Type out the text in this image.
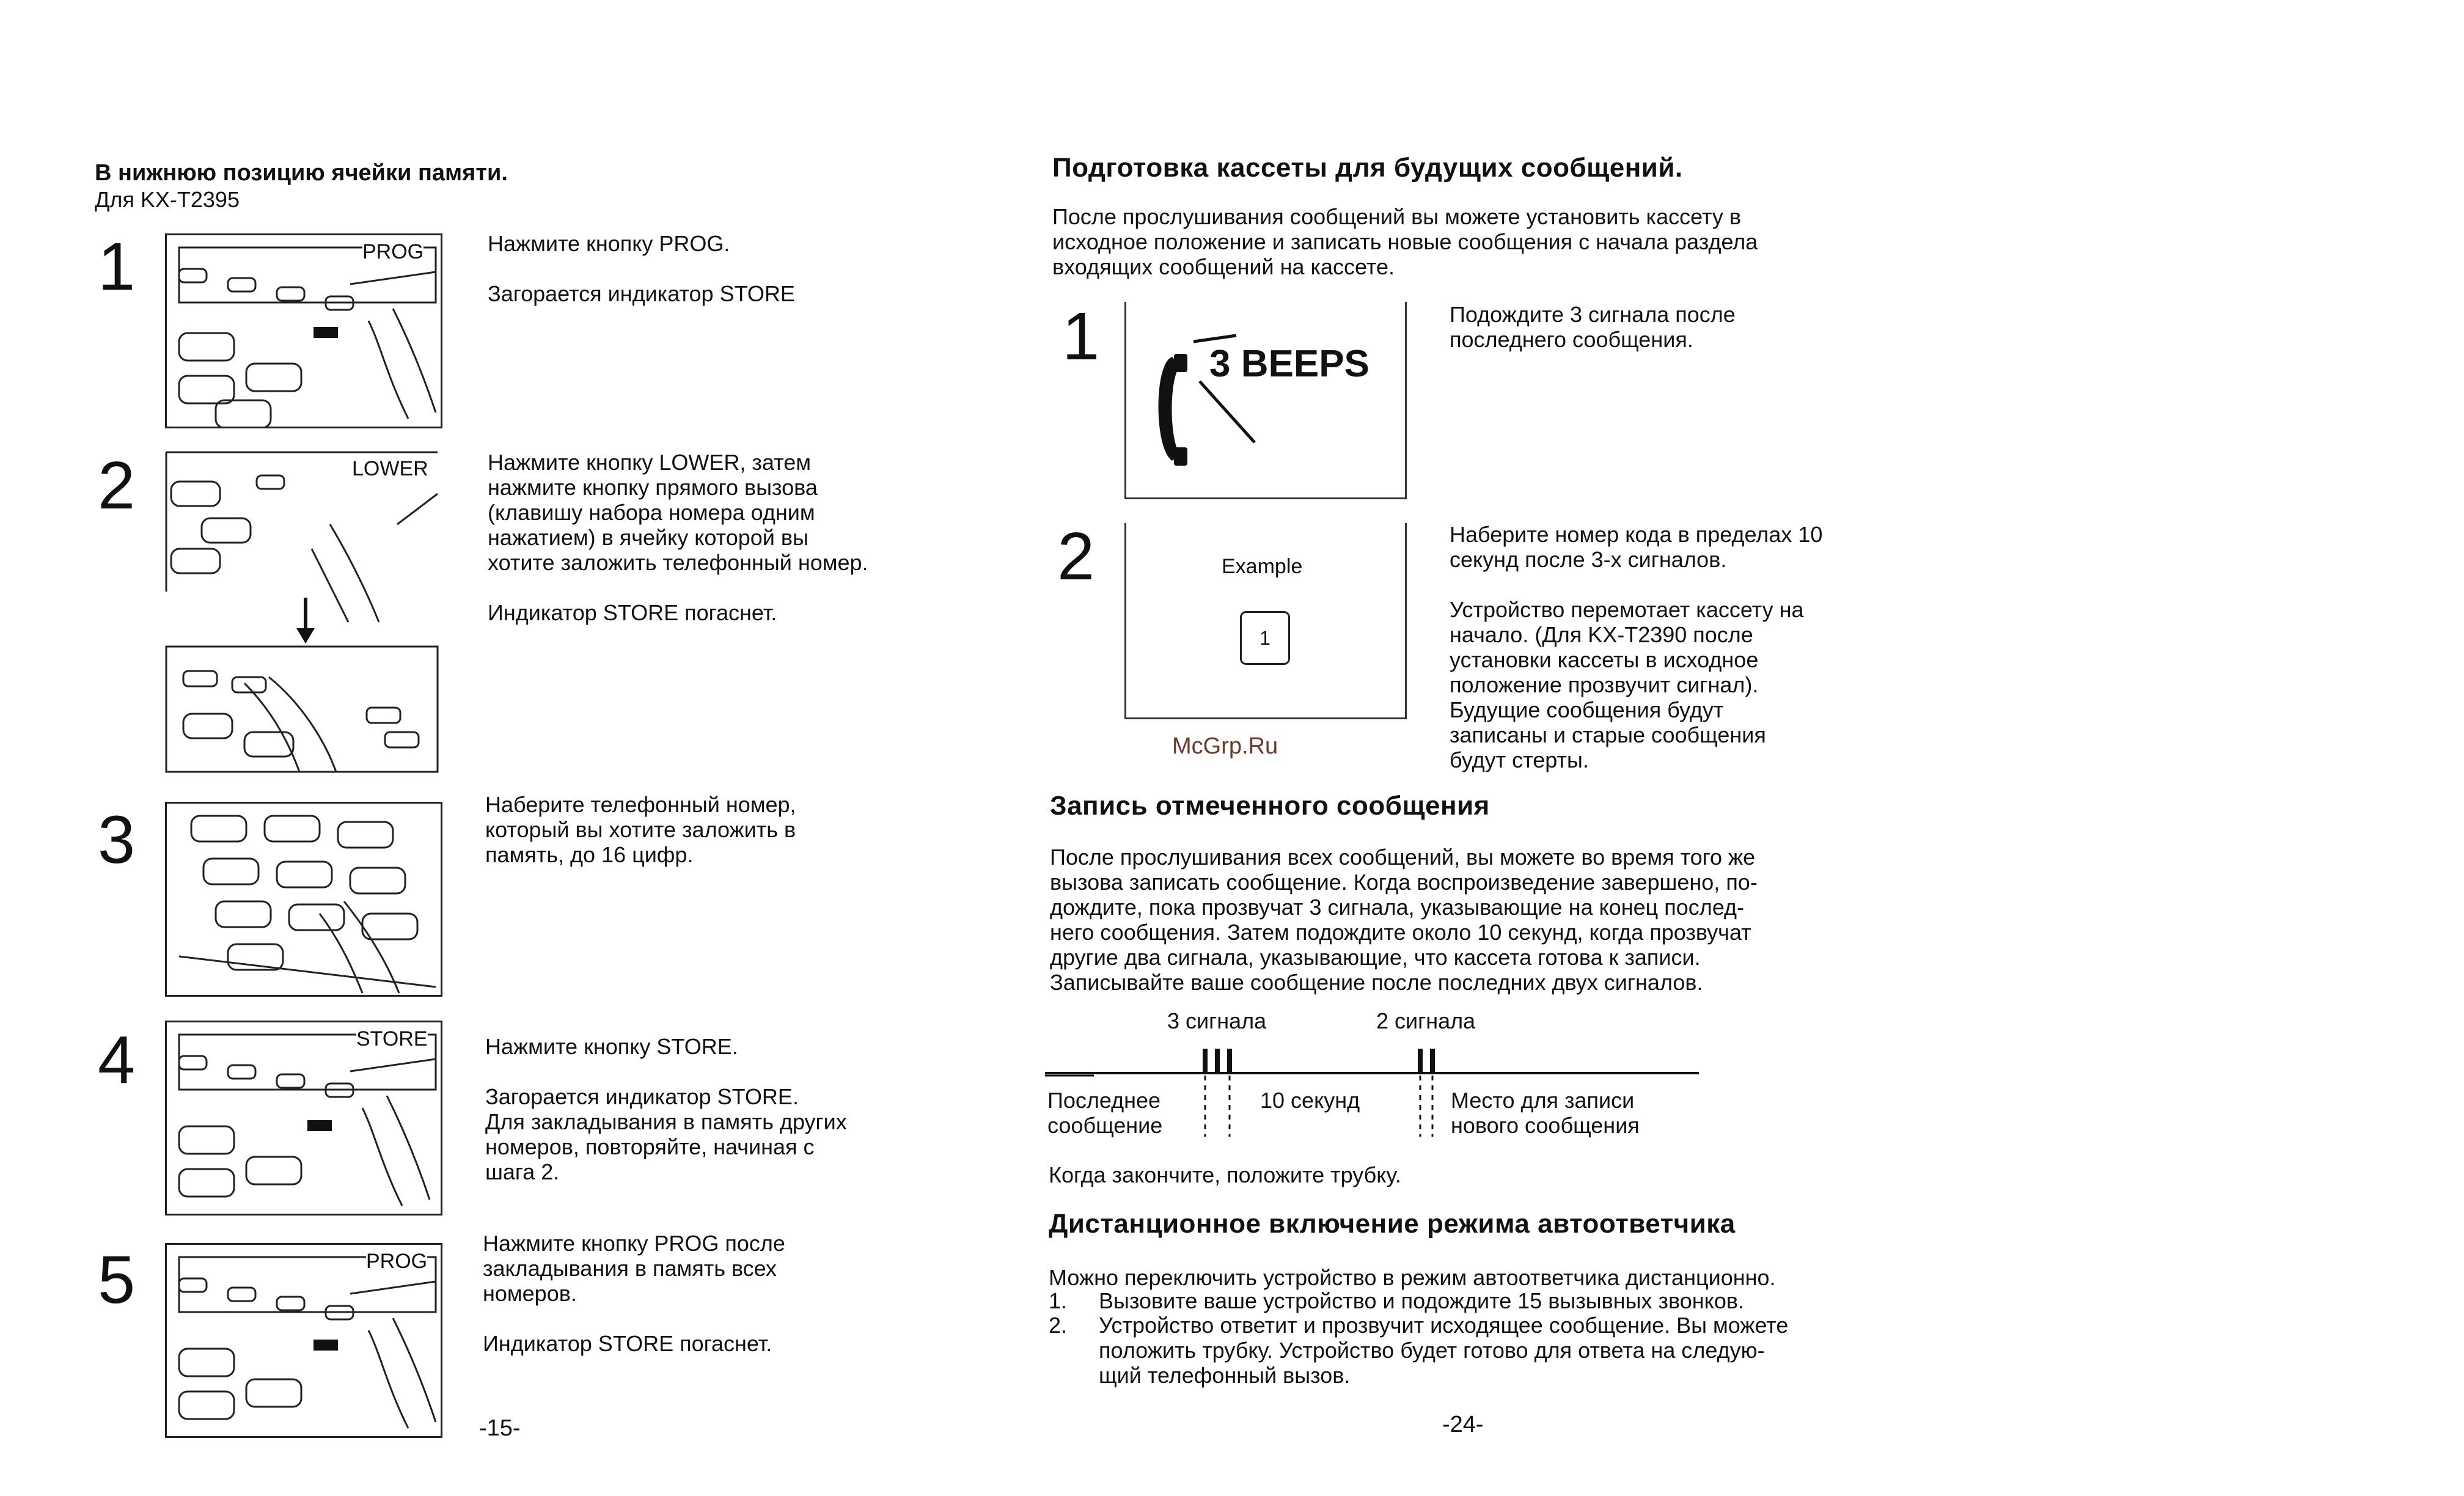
В нижнюю позицию ячейки памяти.
Для KX-T2395
1	PROG	Нажмите кнопку PROG.

Загорается индикатор STORE
2	LOWER	Нажмите кнопку LOWER, затем
нажмите кнопку прямого вызова
(клавишу набора номера одним
нажатием) в ячейку которой вы
хотите заложить телефонный номер.

Индикатор STORE погаснет.
3	Наберите телефонный номер,
который вы хотите заложить в
память, до 16 цифр.
4	STORE	Нажмите кнопку STORE.

Загорается индикатор STORE.
Для закладывания в память других
номеров, повторяйте, начиная с
шага 2.
5	PROG
Нажмите кнопку PROG после
закладывания в память всех
номеров.

Индикатор STORE погаснет.
-15-
Подготовка кассеты для будущих сообщений.
После прослушивания сообщений вы можете установить кассету в
исходное положение и записать новые сообщения с начала раздела
входящих сообщений на кассете.
1	3 BEEPS
Подождите 3 сигнала после
последнего сообщения.
2	Example
1
Наберите номер кода в пределах 10
секунд после 3-х сигналов.

Устройство перемотает кассету на
начало. (Для KX-T2390 после
установки кассеты в исходное
положение прозвучит сигнал).
Будущие сообщения будут
записаны и старые сообщения
будут стерты.
McGrp.Ru
Запись отмеченного сообщения
После прослушивания всех сообщений, вы можете во время того же
вызова записать сообщение. Когда воспроизведение завершено, по-
дождите, пока прозвучат 3 сигнала, указывающие на конец послед-
него сообщения. Затем подождите около 10 секунд, когда прозвучат
другие два сигнала, указывающие, что кассета готова к записи.
Записывайте ваше сообщение после последних двух сигналов.
3 сигнала	2 сигнала
Последнее
сообщение
10 секунд	Место для записи
нового сообщения
Когда закончите, положите трубку.
Дистанционное включение режима автоответчика
Можно переключить устройство в режим автоответчика дистанционно.
1. Вызовите ваше устройство и подождите 15 вызывных звонков.
2. Устройство ответит и прозвучит исходящее сообщение. Вы можете
положить трубку. Устройство будет готово для ответа на следую-
щий телефонный вызов.
-24-
